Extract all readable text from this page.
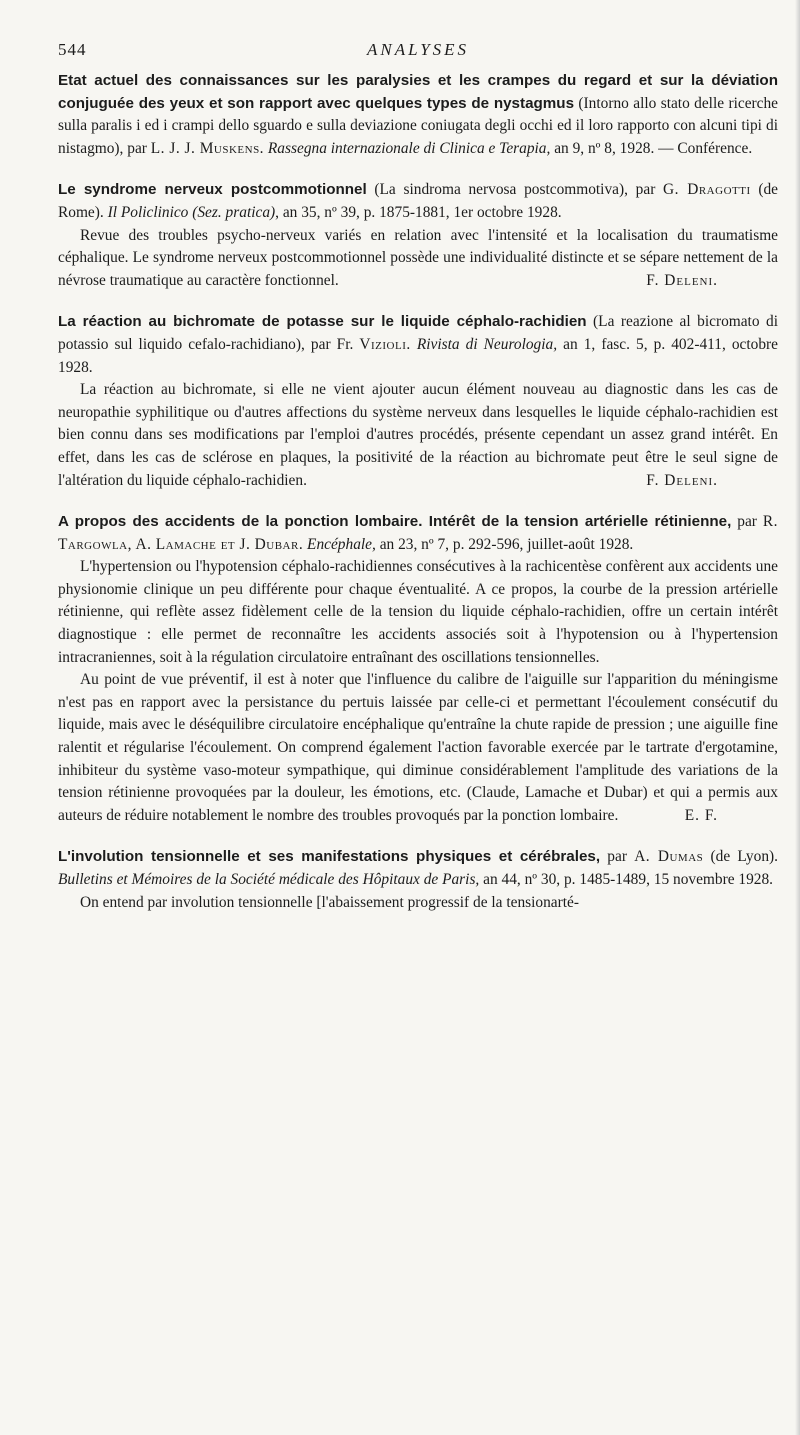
544	ANALYSES

Etat actuel des connaissances sur les paralysies et les crampes du regard et sur la déviation conjuguée des yeux et son rapport avec quelques types de nystagmus (Intorno allo stato delle ricerche sulla paralis i ed i crampi dello sguardo e sulla deviazione coniugata degli occhi ed il loro rapporto con alcuni tipi di nistagmo), par L. J. J. Muskens. Rassegna internazionale di Clinica e Terapia, an 9, nº 8, 1928. — Conférence.

Le syndrome nerveux postcommotionnel (La sindroma nervosa postcommotiva), par G. Dragotti (de Rome). Il Policlinico (Sez. pratica), an 35, nº 39, p. 1875-1881, 1er octobre 1928.

Revue des troubles psycho-nerveux variés en relation avec l'intensité et la localisation du traumatisme céphalique. Le syndrome nerveux postcommotionnel possède une individualité distincte et se sépare nettement de la névrose traumatique au caractère fonctionnel.	F. Deleni.

La réaction au bichromate de potasse sur le liquide céphalo-rachidien (La reazione al bicromato di potassio sul liquido cefalo-rachidiano), par Fr. Vizioli. Rivista di Neurologia, an 1, fasc. 5, p. 402-411, octobre 1928.

La réaction au bichromate, si elle ne vient ajouter aucun élément nouveau au diagnostic dans les cas de neuropathie syphilitique ou d'autres affections du système nerveux dans lesquelles le liquide céphalo-rachidien est bien connu dans ses modifications par l'emploi d'autres procédés, présente cependant un assez grand intérêt. En effet, dans les cas de sclérose en plaques, la positivité de la réaction au bichromate peut être le seul signe de l'altération du liquide céphalo-rachidien.	F. Deleni.

A propos des accidents de la ponction lombaire. Intérêt de la tension artérielle rétinienne, par R. Targowla, A. Lamache et J. Dubar. Encéphale, an 23, nº 7, p. 292-596, juillet-août 1928.

L'hypertension ou l'hypotension céphalo-rachidiennes consécutives à la rachicentèse confèrent aux accidents une physionomie clinique un peu différente pour chaque éventualité. A ce propos, la courbe de la pression artérielle rétinienne, qui reflète assez fidèlement celle de la tension du liquide céphalo-rachidien, offre un certain intérêt diagnostique : elle permet de reconnaître les accidents associés soit à l'hypotension ou à l'hypertension intracraniennes, soit à la régulation circulatoire entraînant des oscillations tensionnelles.

Au point de vue préventif, il est à noter que l'influence du calibre de l'aiguille sur l'apparition du méningisme n'est pas en rapport avec la persistance du pertuis laissée par celle-ci et permettant l'écoulement consécutif du liquide, mais avec le déséquilibre circulatoire encéphalique qu'entraîne la chute rapide de pression ; une aiguille fine ralentit et régularise l'écoulement. On comprend également l'action favorable exercée par le tartrate d'ergotamine, inhibiteur du système vaso-moteur sympathique, qui diminue considérablement l'amplitude des variations de la tension rétinienne provoquées par la douleur, les émotions, etc. (Claude, Lamache et Dubar) et qui a permis aux auteurs de réduire notablement le nombre des troubles provoqués par la ponction lombaire.	E. F.

L'involution tensionnelle et ses manifestations physiques et cérébrales, par A. Dumas (de Lyon). Bulletins et Mémoires de la Société médicale des Hôpitaux de Paris, an 44, nº 30, p. 1485-1489, 15 novembre 1928.

On entend par involution tensionnelle [l'abaissement progressif de la tensionarté-
